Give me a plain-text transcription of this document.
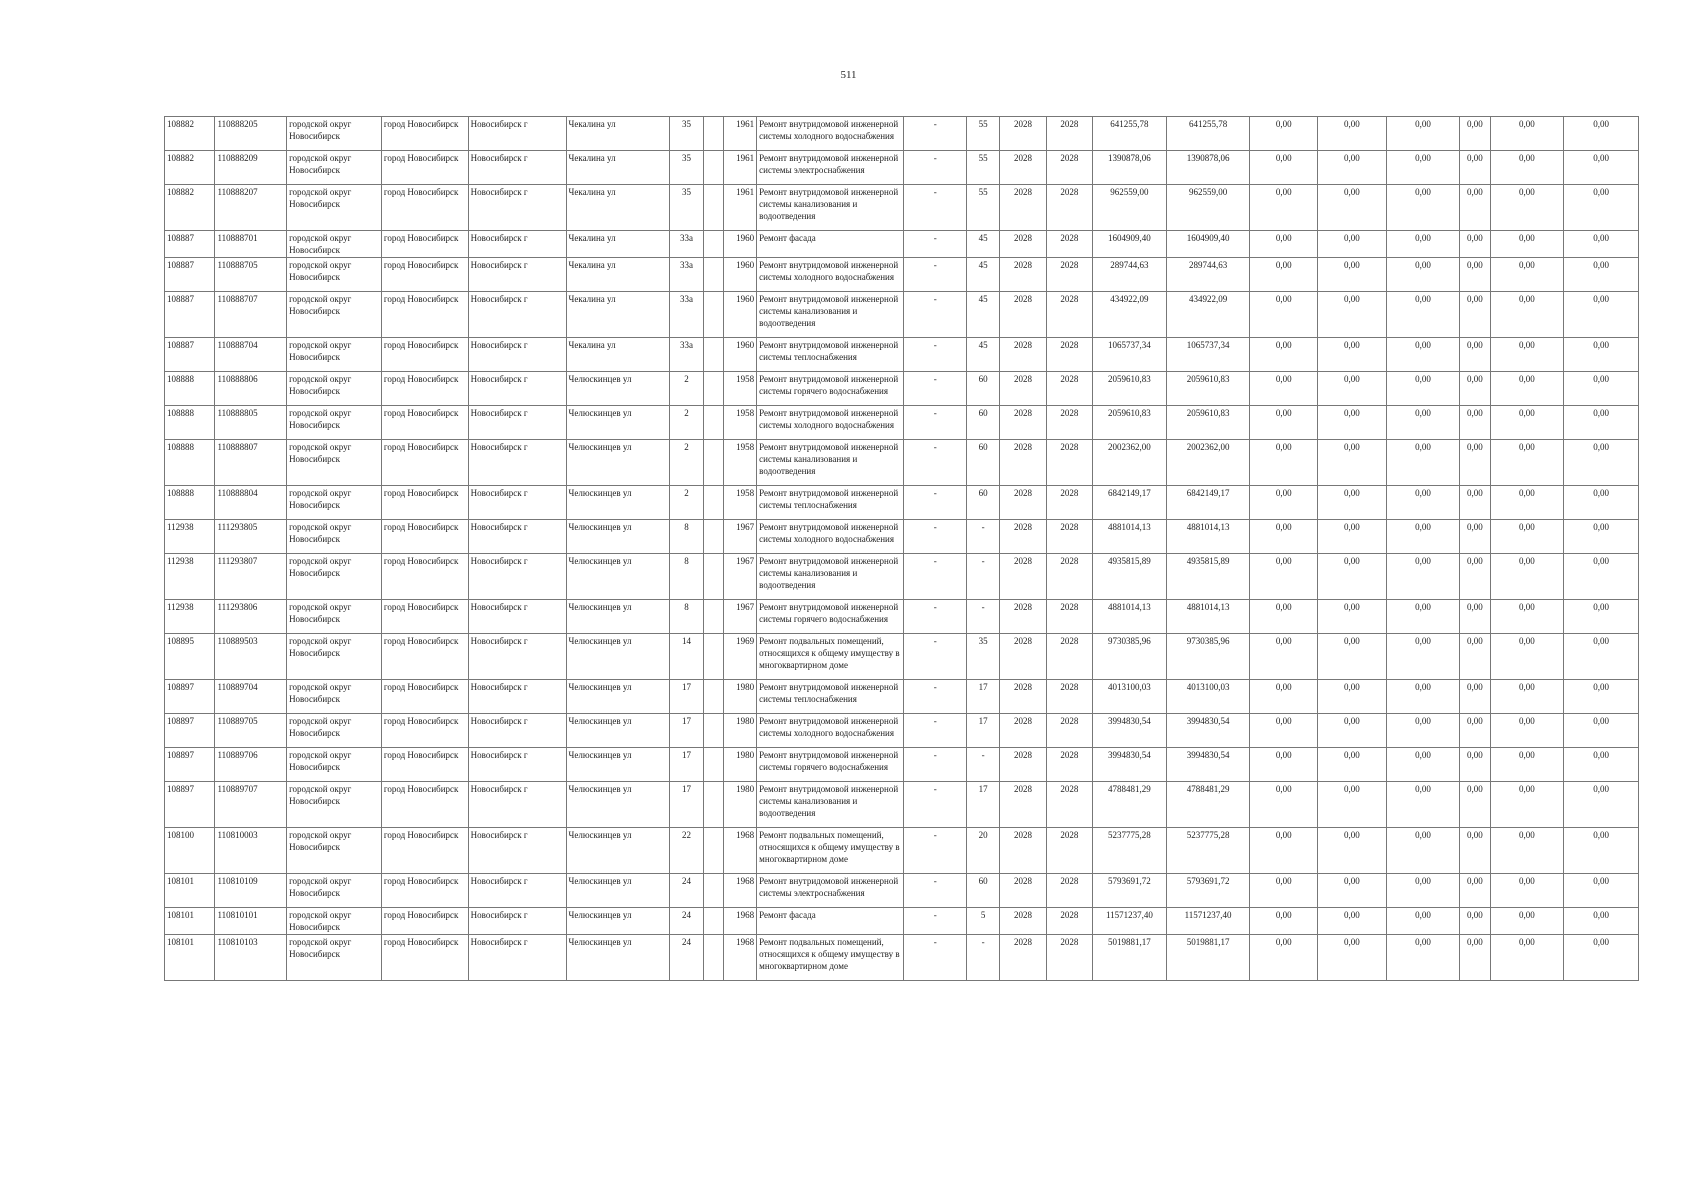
511
108882	110888205	городской округ Новосибирск	город Новосибирск	Новосибирск г	Чекалина ул	35		1961	Ремонт внутридомовой инженерной системы холодного водоснабжения	-	55	2028	2028	641255,78	641255,78	0,00	0,00	0,00	0,00	0,00	0,00
108882	110888209	городской округ Новосибирск	город Новосибирск	Новосибирск г	Чекалина ул	35		1961	Ремонт внутридомовой инженерной системы электроснабжения	-	55	2028	2028	1390878,06	1390878,06	0,00	0,00	0,00	0,00	0,00	0,00
108882	110888207	городской округ Новосибирск	город Новосибирск	Новосибирск г	Чекалина ул	35		1961	Ремонт внутридомовой инженерной системы канализования и водоотведения	-	55	2028	2028	962559,00	962559,00	0,00	0,00	0,00	0,00	0,00	0,00
108887	110888701	городской округ Новосибирск	город Новосибирск	Новосибирск г	Чекалина ул	33а		1960	Ремонт фасада	-	45	2028	2028	1604909,40	1604909,40	0,00	0,00	0,00	0,00	0,00	0,00
108887	110888705	городской округ Новосибирск	город Новосибирск	Новосибирск г	Чекалина ул	33а		1960	Ремонт внутридомовой инженерной системы холодного водоснабжения	-	45	2028	2028	289744,63	289744,63	0,00	0,00	0,00	0,00	0,00	0,00
108887	110888707	городской округ Новосибирск	город Новосибирск	Новосибирск г	Чекалина ул	33а		1960	Ремонт внутридомовой инженерной системы канализования и водоотведения	-	45	2028	2028	434922,09	434922,09	0,00	0,00	0,00	0,00	0,00	0,00
108887	110888704	городской округ Новосибирск	город Новосибирск	Новосибирск г	Чекалина ул	33а		1960	Ремонт внутридомовой инженерной системы теплоснабжения	-	45	2028	2028	1065737,34	1065737,34	0,00	0,00	0,00	0,00	0,00	0,00
108888	110888806	городской округ Новосибирск	город Новосибирск	Новосибирск г	Челюскинцев ул	2		1958	Ремонт внутридомовой инженерной системы горячего водоснабжения	-	60	2028	2028	2059610,83	2059610,83	0,00	0,00	0,00	0,00	0,00	0,00
108888	110888805	городской округ Новосибирск	город Новосибирск	Новосибирск г	Челюскинцев ул	2		1958	Ремонт внутридомовой инженерной системы холодного водоснабжения	-	60	2028	2028	2059610,83	2059610,83	0,00	0,00	0,00	0,00	0,00	0,00
108888	110888807	городской округ Новосибирск	город Новосибирск	Новосибирск г	Челюскинцев ул	2		1958	Ремонт внутридомовой инженерной системы канализования и водоотведения	-	60	2028	2028	2002362,00	2002362,00	0,00	0,00	0,00	0,00	0,00	0,00
108888	110888804	городской округ Новосибирск	город Новосибирск	Новосибирск г	Челюскинцев ул	2		1958	Ремонт внутридомовой инженерной системы теплоснабжения	-	60	2028	2028	6842149,17	6842149,17	0,00	0,00	0,00	0,00	0,00	0,00
112938	111293805	городской округ Новосибирск	город Новосибирск	Новосибирск г	Челюскинцев ул	8		1967	Ремонт внутридомовой инженерной системы холодного водоснабжения	-	-	2028	2028	4881014,13	4881014,13	0,00	0,00	0,00	0,00	0,00	0,00
112938	111293807	городской округ Новосибирск	город Новосибирск	Новосибирск г	Челюскинцев ул	8		1967	Ремонт внутридомовой инженерной системы канализования и водоотведения	-	-	2028	2028	4935815,89	4935815,89	0,00	0,00	0,00	0,00	0,00	0,00
112938	111293806	городской округ Новосибирск	город Новосибирск	Новосибирск г	Челюскинцев ул	8		1967	Ремонт внутридомовой инженерной системы горячего водоснабжения	-	-	2028	2028	4881014,13	4881014,13	0,00	0,00	0,00	0,00	0,00	0,00
108895	110889503	городской округ Новосибирск	город Новосибирск	Новосибирск г	Челюскинцев ул	14		1969	Ремонт подвальных помещений, относящихся к общему имуществу в многоквартирном доме	-	35	2028	2028	9730385,96	9730385,96	0,00	0,00	0,00	0,00	0,00	0,00
108897	110889704	городской округ Новосибирск	город Новосибирск	Новосибирск г	Челюскинцев ул	17		1980	Ремонт внутридомовой инженерной системы теплоснабжения	-	17	2028	2028	4013100,03	4013100,03	0,00	0,00	0,00	0,00	0,00	0,00
108897	110889705	городской округ Новосибирск	город Новосибирск	Новосибирск г	Челюскинцев ул	17		1980	Ремонт внутридомовой инженерной системы холодного водоснабжения	-	17	2028	2028	3994830,54	3994830,54	0,00	0,00	0,00	0,00	0,00	0,00
108897	110889706	городской округ Новосибирск	город Новосибирск	Новосибирск г	Челюскинцев ул	17		1980	Ремонт внутридомовой инженерной системы горячего водоснабжения	-	-	2028	2028	3994830,54	3994830,54	0,00	0,00	0,00	0,00	0,00	0,00
108897	110889707	городской округ Новосибирск	город Новосибирск	Новосибирск г	Челюскинцев ул	17		1980	Ремонт внутридомовой инженерной системы канализования и водоотведения	-	17	2028	2028	4788481,29	4788481,29	0,00	0,00	0,00	0,00	0,00	0,00
108100	110810003	городской округ Новосибирск	город Новосибирск	Новосибирск г	Челюскинцев ул	22		1968	Ремонт подвальных помещений, относящихся к общему имуществу в многоквартирном доме	-	20	2028	2028	5237775,28	5237775,28	0,00	0,00	0,00	0,00	0,00	0,00
108101	110810109	городской округ Новосибирск	город Новосибирск	Новосибирск г	Челюскинцев ул	24		1968	Ремонт внутридомовой инженерной системы электроснабжения	-	60	2028	2028	5793691,72	5793691,72	0,00	0,00	0,00	0,00	0,00	0,00
108101	110810101	городской округ Новосибирск	город Новосибирск	Новосибирск г	Челюскинцев ул	24		1968	Ремонт фасада	-	5	2028	2028	11571237,40	11571237,40	0,00	0,00	0,00	0,00	0,00	0,00
108101	110810103	городской округ Новосибирск	город Новосибирск	Новосибирск г	Челюскинцев ул	24		1968	Ремонт подвальных помещений, относящихся к общему имуществу в многоквартирном доме	-	-	2028	2028	5019881,17	5019881,17	0,00	0,00	0,00	0,00	0,00	0,00
